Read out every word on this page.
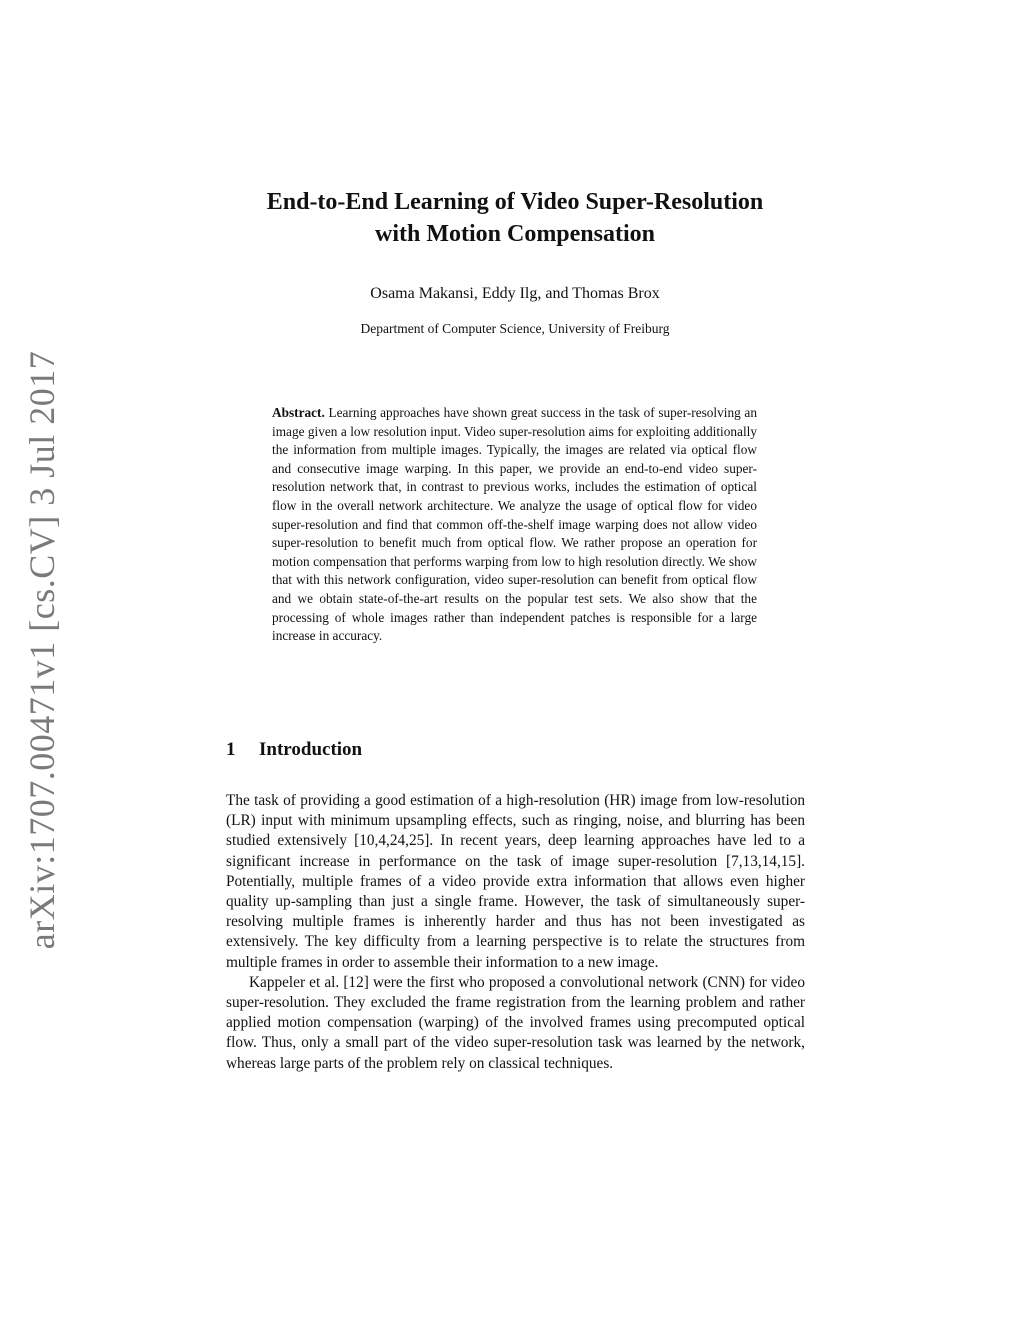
arXiv:1707.00471v1 [cs.CV] 3 Jul 2017
End-to-End Learning of Video Super-Resolution
with Motion Compensation
Osama Makansi, Eddy Ilg, and Thomas Brox
Department of Computer Science, University of Freiburg
Abstract. Learning approaches have shown great success in the task of super-resolving an image given a low resolution input. Video super-resolution aims for exploiting additionally the information from multiple images. Typically, the images are related via optical flow and consecutive image warping. In this paper, we provide an end-to-end video super-resolution network that, in contrast to previous works, includes the estimation of optical flow in the overall network architecture. We analyze the usage of optical flow for video super-resolution and find that common off-the-shelf image warping does not allow video super-resolution to benefit much from optical flow. We rather propose an operation for motion compensation that performs warping from low to high resolution directly. We show that with this network configuration, video super-resolution can benefit from optical flow and we obtain state-of-the-art results on the popular test sets. We also show that the processing of whole images rather than independent patches is responsible for a large increase in accuracy.
1 Introduction

The task of providing a good estimation of a high-resolution (HR) image from low-resolution (LR) input with minimum upsampling effects, such as ringing, noise, and blurring has been studied extensively [10,4,24,25]. In recent years, deep learning approaches have led to a significant increase in performance on the task of image super-resolution [7,13,14,15]. Potentially, multiple frames of a video provide extra information that allows even higher quality up-sampling than just a single frame. However, the task of simultaneously super-resolving multiple frames is inherently harder and thus has not been investigated as extensively. The key difficulty from a learning perspective is to relate the structures from multiple frames in order to assemble their information to a new image.

Kappeler et al. [12] were the first who proposed a convolutional network (CNN) for video super-resolution. They excluded the frame registration from the learning problem and rather applied motion compensation (warping) of the involved frames using precomputed optical flow. Thus, only a small part of the video super-resolution task was learned by the network, whereas large parts of the problem rely on classical techniques.
